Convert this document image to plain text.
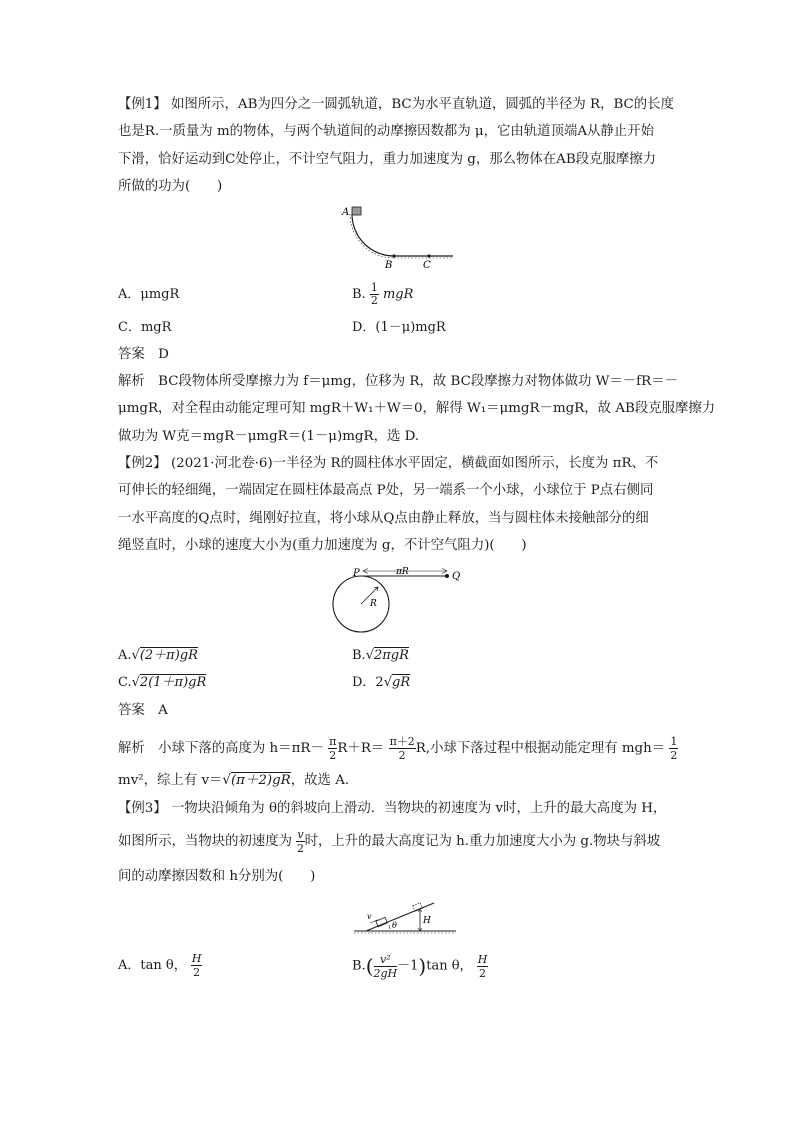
【例1】 如图所示，AB为四分之一圆弧轨道，BC为水平直轨道，圆弧的半径为 R，BC的长度
也是R.一质量为 m的物体，与两个轨道间的动摩擦因数都为 μ，它由轨道顶端A从静止开始
下滑，恰好运动到C处停止，不计空气阻力，重力加速度为 g，那么物体在AB段克服摩擦力
所做的功为(　　)
A
B	C
A．μmgR	B. $\frac{1}{2}$ mgR
C．mgR	D．(1－μ)mgR
答案　D
解析　BC段物体所受摩擦力为 f＝μmg，位移为 R，故 BC段摩擦力对物体做功 W＝－fR＝－
μmgR，对全程由动能定理可知 mgR＋W₁＋W＝0，解得 W₁＝μmgR－mgR，故 AB段克服摩擦力
做功为 W克＝mgR－μmgR＝(1－μ)mgR，选 D.
【例2】 (2021·河北卷·6)一半径为 R的圆柱体水平固定，横截面如图所示，长度为 πR、不
可伸长的轻细绳，一端固定在圆柱体最高点 P处，另一端系一个小球，小球位于 P点右侧同
一水平高度的Q点时，绳刚好拉直，将小球从Q点由静止释放，当与圆柱体未接触部分的细
绳竖直时，小球的速度大小为(重力加速度为 g，不计空气阻力)(　　)
P	Q
πR
R
A.√(2＋π)gR	B.√2πgR
C.√2(1＋π)gR	D．2√gR
答案　A
解析　小球下落的高度为 $h=\pi R- \frac{\pi}{2} R+R= \frac{\pi+2}{2} R$,小球下落过程中根据动能定理有 $mgh= \frac{1}{2}$
mv²，综上有 v＝√(π＋2)gR，故选 A.
【例3】 一物块沿倾角为 θ的斜坡向上滑动．当物块的初速度为 v时，上升的最大高度为 H，
如图所示，当物块的初速度为 $\frac{v}{2}$ 时，上升的最大高度记为 h.重力加速度大小为 g.物块与斜坡
间的动摩擦因数和 h分别为(　　)
v
θ	H
A．tan θ， $\frac{H}{2}$	$B.( \frac{\text{v²}}{2gH} -1)\tan$ θ， $\frac{H}{2}$
